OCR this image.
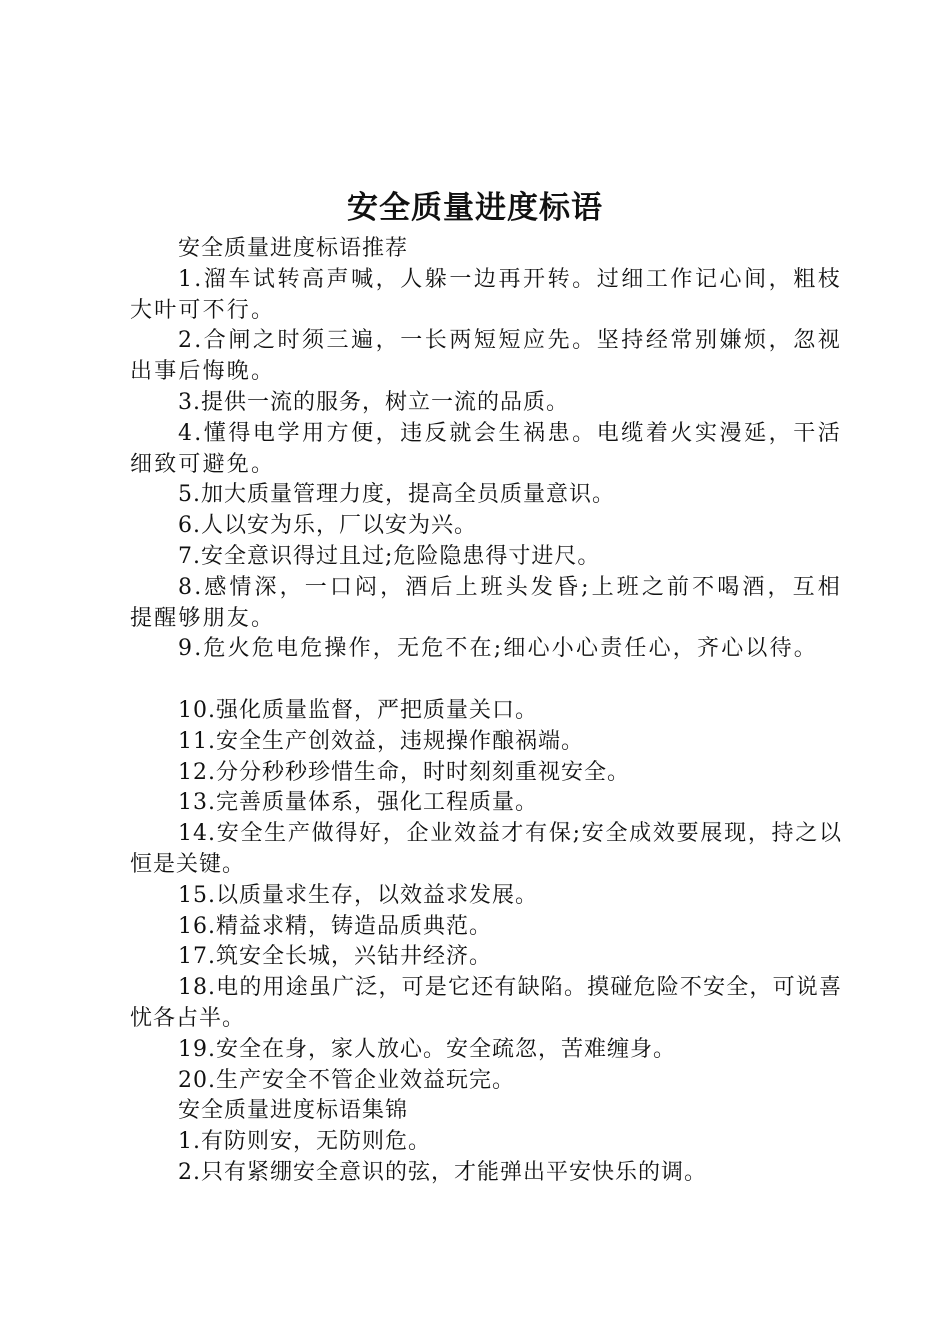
安全质量进度标语

安全质量进度标语推荐

1.溜车试转高声喊，人躲一边再开转。过细工作记心间，粗枝大叶可不行。

2.合闸之时须三遍，一长两短短应先。坚持经常别嫌烦，忽视出事后悔晚。

3.提供一流的服务，树立一流的品质。

4.懂得电学用方便，违反就会生祸患。电缆着火实漫延，干活细致可避免。

5.加大质量管理力度，提高全员质量意识。

6.人以安为乐，厂以安为兴。

7.安全意识得过且过;危险隐患得寸进尺。

8.感情深，一口闷，酒后上班头发昏;上班之前不喝酒，互相提醒够朋友。

9.危火危电危操作，无危不在;细心小心责任心，齐心以待。

10.强化质量监督，严把质量关口。

11.安全生产创效益，违规操作酿祸端。

12.分分秒秒珍惜生命，时时刻刻重视安全。

13.完善质量体系，强化工程质量。

14.安全生产做得好，企业效益才有保;安全成效要展现，持之以恒是关键。

15.以质量求生存，以效益求发展。

16.精益求精，铸造品质典范。

17.筑安全长城，兴钻井经济。

18.电的用途虽广泛，可是它还有缺陷。摸碰危险不安全，可说喜忧各占半。

19.安全在身，家人放心。安全疏忽，苦难缠身。

20.生产安全不管企业效益玩完。

安全质量进度标语集锦

1.有防则安，无防则危。

2.只有紧绷安全意识的弦，才能弹出平安快乐的调。
